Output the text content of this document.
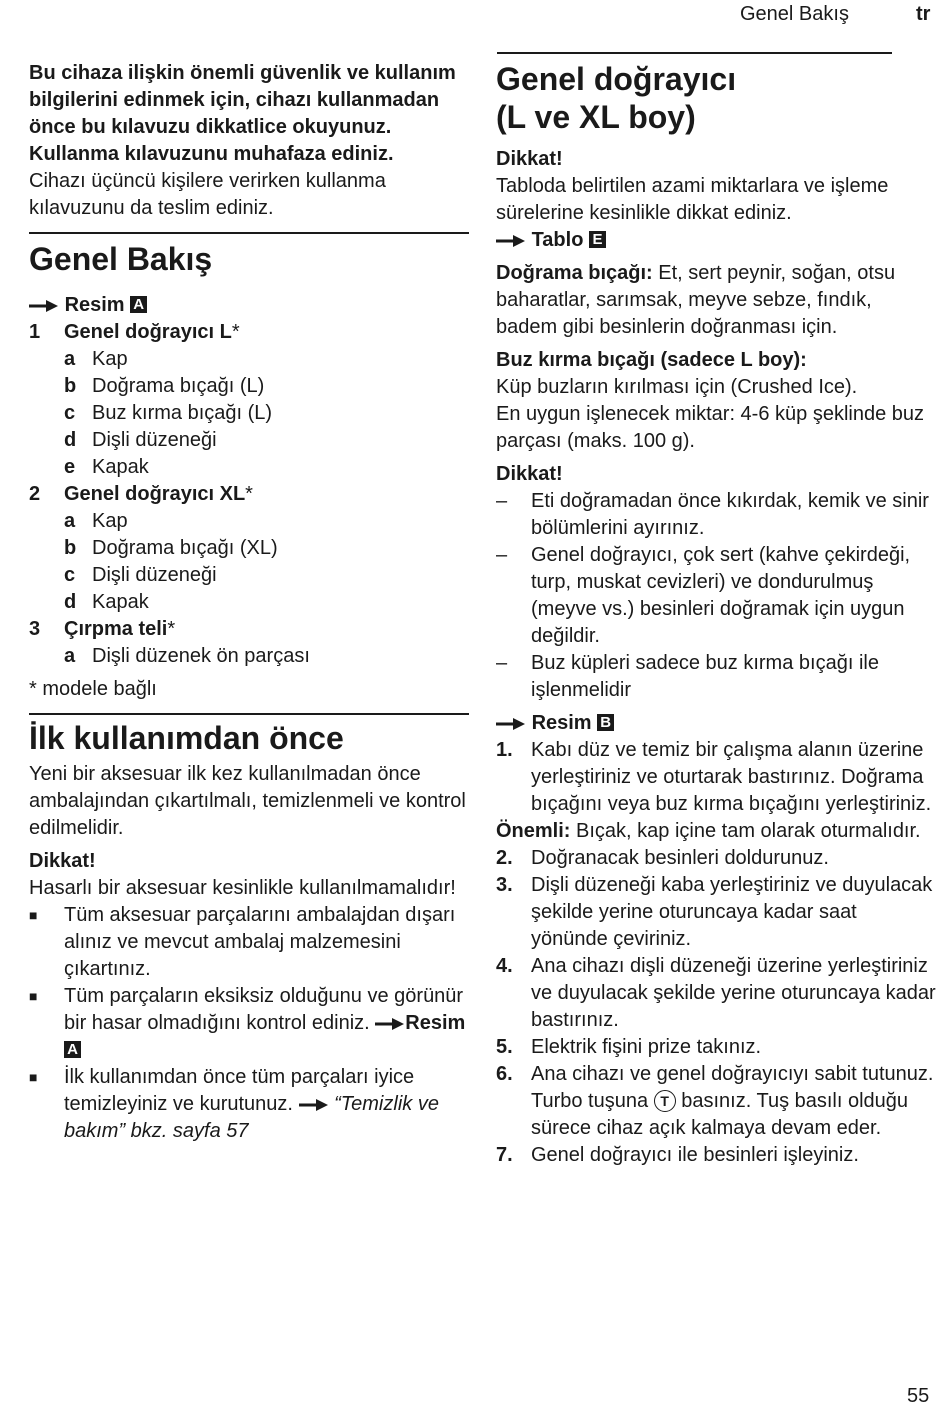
Genel Bakış	tr

Bu cihaza ilişkin önemli güvenlik ve kullanım bilgilerini edinmek için, cihazı kullanmadan önce bu kılavuzu dikkatlice okuyunuz. Kullanma kılavuzunu muhafaza ediniz.

Cihazı üçüncü kişilere verirken kullanma kılavuzunu da teslim ediniz.

Genel Bakış

Resim A

1	Genel doğrayıcı L*
a Kap
b Doğrama bıçağı (L)
c Buz kırma bıçağı (L)
d Dişli düzeneği
e Kapak
2	Genel doğrayıcı XL*
a Kap
b Doğrama bıçağı (XL)
c Dişli düzeneği
d Kapak
3	Çırpma teli*
a Dişli düzenek ön parçası

* modele bağlı

İlk kullanımdan önce

Yeni bir aksesuar ilk kez kullanılmadan önce ambalajından çıkartılmalı, temizlenmeli ve kontrol edilmelidir.

Dikkat!

Hasarlı bir aksesuar kesinlikle kullanılmamalıdır!

■	Tüm aksesuar parçalarını ambalajdan dışarı alınız ve mevcut ambalaj malzemesini çıkartınız.
■	Tüm parçaların eksiksiz olduğunu ve görünür bir hasar olmadığını kontrol ediniz. Resim A
■	İlk kullanımdan önce tüm parçaları iyice temizleyiniz ve kurutunuz. “Temizlik ve bakım” bkz. sayfa 57
Genel doğrayıcı
(L ve XL boy)

Dikkat!

Tabloda belirtilen azami miktarlara ve işleme sürelerine kesinlikle dikkat ediniz.

Tablo E

Doğrama bıçağı: Et, sert peynir, soğan, otsu baharatlar, sarımsak, meyve sebze, fındık, badem gibi besinlerin doğranması için.

Buz kırma bıçağı (sadece L boy):

Küp buzların kırılması için (Crushed Ice).

En uygun işlenecek miktar: 4-6 küp şeklinde buz parçası (maks. 100 g).

Dikkat!

–	Eti doğramadan önce kıkırdak, kemik ve sinir bölümlerini ayırınız.
–	Genel doğrayıcı, çok sert (kahve çekirdeği, turp, muskat cevizleri) ve dondurulmuş (meyve vs.) besinleri doğramak için uygun değildir.
–	Buz küpleri sadece buz kırma bıçağı ile işlenmelidir

Resim B

1. Kabı düz ve temiz bir çalışma alanın üzerine yerleştiriniz ve oturtarak bastırınız. Doğrama bıçağını veya buz kırma bıçağını yerleştiriniz.

Önemli: Bıçak, kap içine tam olarak oturmalıdır.

2. Doğranacak besinleri doldurunuz.
3. Dişli düzeneği kaba yerleştiriniz ve duyulacak şekilde yerine oturuncaya kadar saat yönünde çeviriniz.
4. Ana cihazı dişli düzeneği üzerine yerleştiriniz ve duyulacak şekilde yerine oturuncaya kadar bastırınız.
5. Elektrik fişini prize takınız.
6. Ana cihazı ve genel doğrayıcıyı sabit tutunuz. Turbo tuşuna T basınız. Tuş basılı olduğu sürece cihaz açık kalmaya devam eder.
7. Genel doğrayıcı ile besinleri işleyiniz.
55
